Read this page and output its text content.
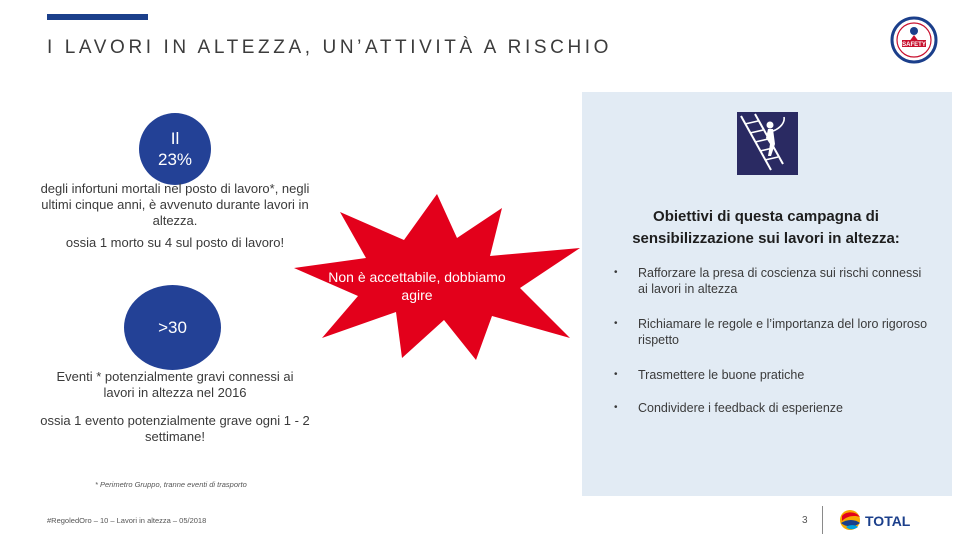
I LAVORI IN ALTEZZA, UN’ATTIVITÀ A RISCHIO	SAFETY
Il
23%
degli infortuni mortali nel posto di lavoro*, negli ultimi cinque anni, è avvenuto durante lavori in altezza.
ossia 1 morto su 4 sul posto di lavoro!
>30
Eventi * potenzialmente gravi connessi ai lavori in altezza nel 2016
ossia 1 evento potenzialmente grave ogni 1 - 2 settimane!
Non è accettabile, dobbiamo agire
Obiettivi di questa campagna di sensibilizzazione sui lavori in altezza:
• Rafforzare la presa di coscienza sui rischi connessi ai lavori in altezza
• Richiamare le regole e l’importanza del loro rigoroso rispetto
• Trasmettere le buone pratiche
• Condividere i feedback di esperienze
* Perimetro Gruppo, tranne eventi di trasporto
#RegoledOro – 10 – Lavori in altezza – 05/2018	3	TOTAL
